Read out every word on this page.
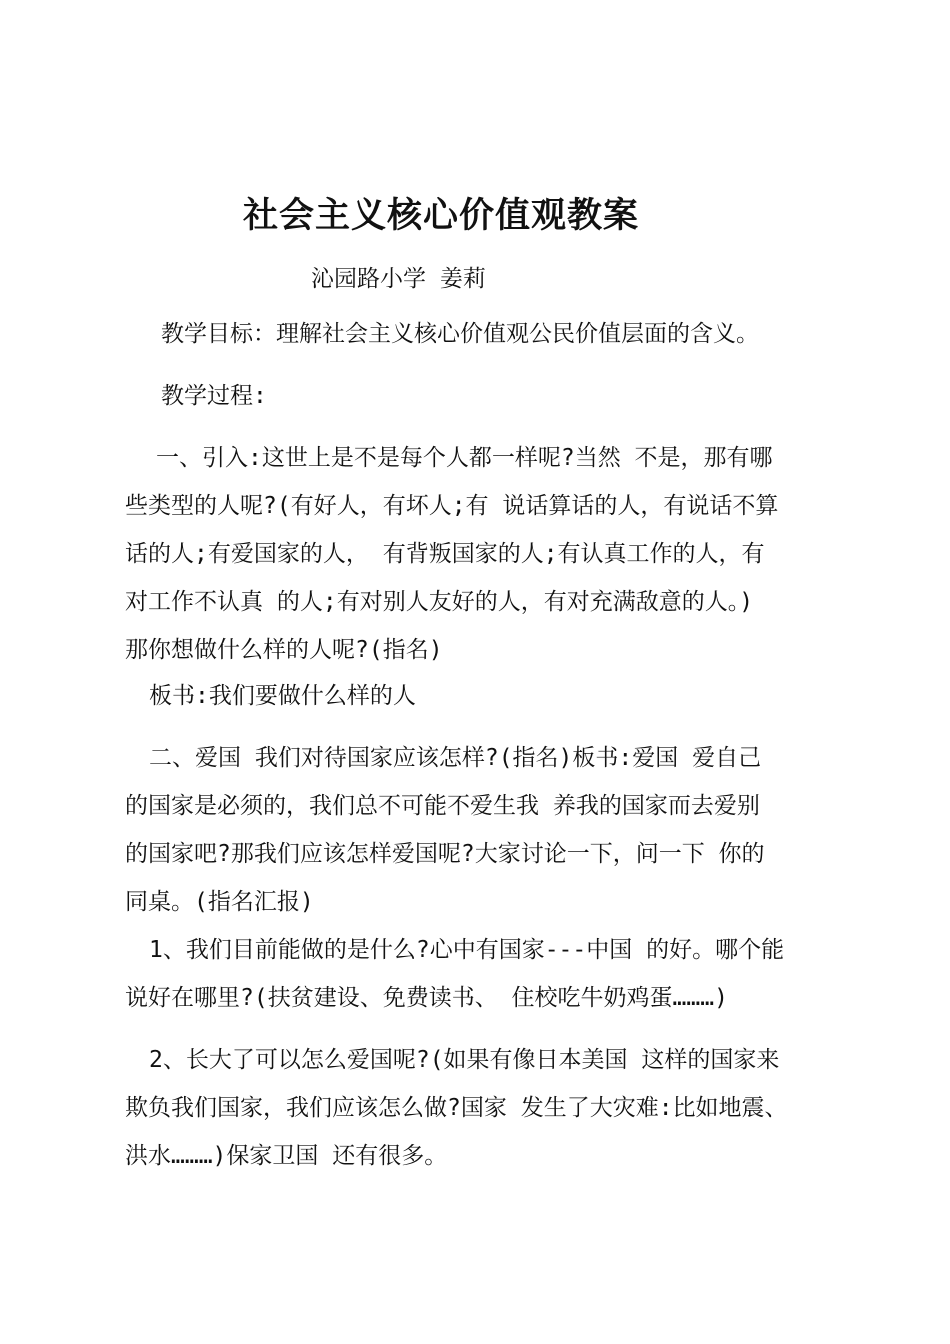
社会主义核心价值观教案
沁园路小学 姜莉
教学目标：理解社会主义核心价值观公民价值层面的含义。
教学过程:
一、引入:这世上是不是每个人都一样呢?当然 不是，那有哪
些类型的人呢?(有好人，有坏人;有 说话算话的人，有说话不算
话的人;有爱国家的人， 有背叛国家的人;有认真工作的人，有
对工作不认真 的人;有对别人友好的人，有对充满敌意的人。)
那你想做什么样的人呢?(指名)
板书:我们要做什么样的人
二、爱国 我们对待国家应该怎样?(指名)板书:爱国 爱自己
的国家是必须的，我们总不可能不爱生我 养我的国家而去爱别
的国家吧?那我们应该怎样爱国呢?大家讨论一下，问一下 你的
同桌。(指名汇报)
1、我们目前能做的是什么?心中有国家---中国 的好。哪个能
说好在哪里?(扶贫建设、免费读书、 住校吃牛奶鸡蛋………)
2、长大了可以怎么爱国呢?(如果有像日本美国 这样的国家来
欺负我们国家，我们应该怎么做?国家 发生了大灾难:比如地震、
洪水………)保家卫国 还有很多。
